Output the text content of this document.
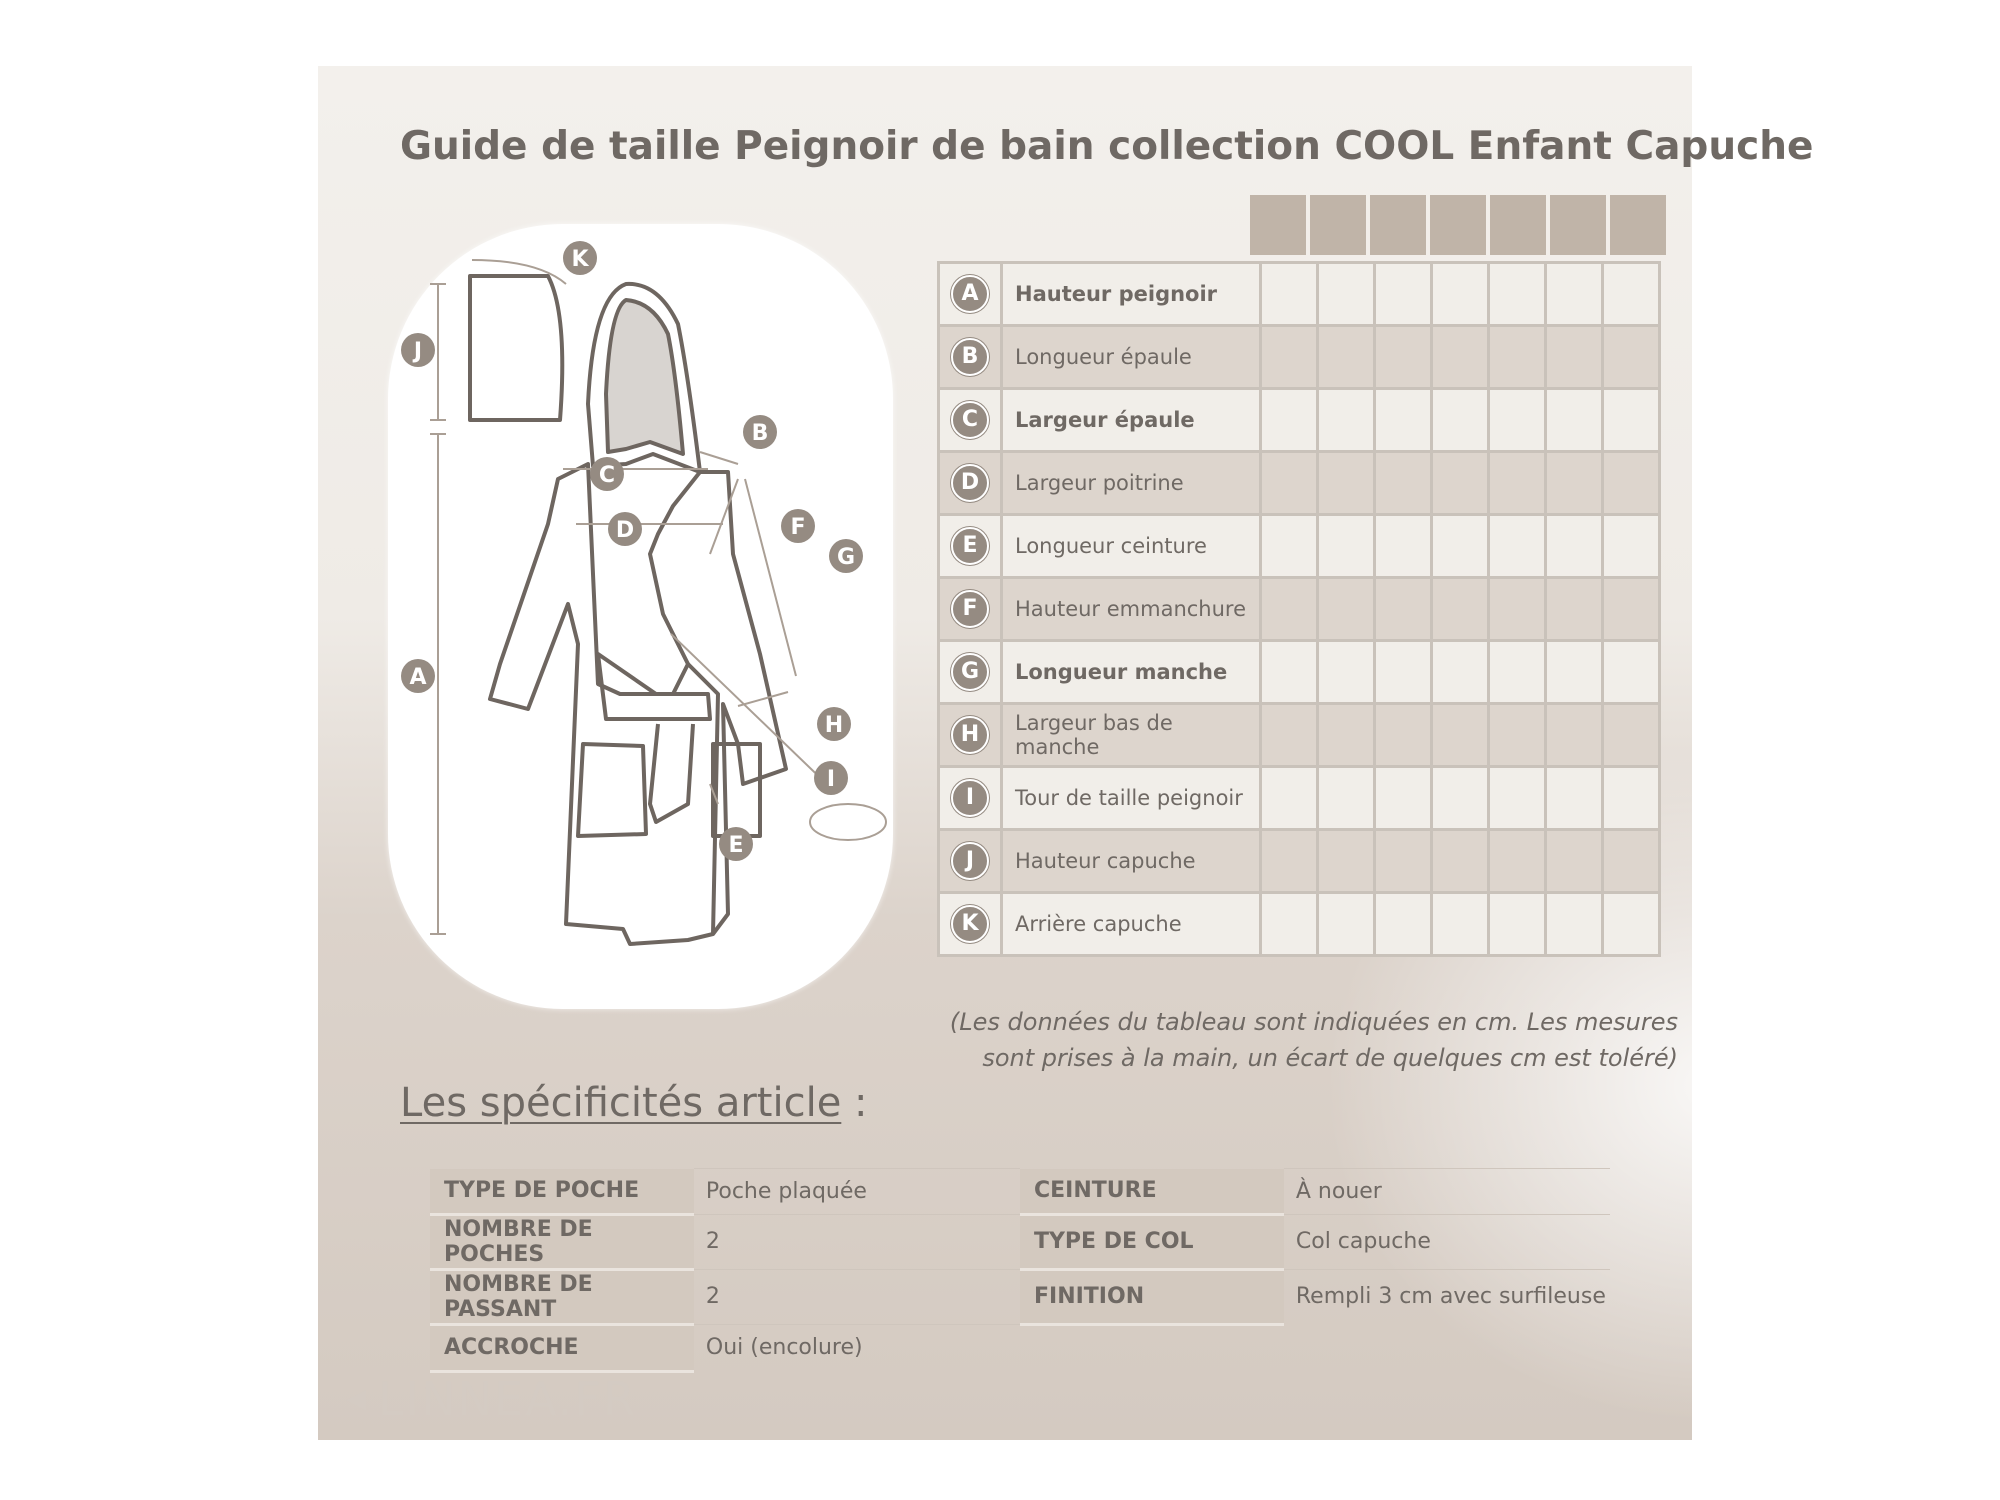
Guide de taille Peignoir de bain collection COOL Enfant Capuche
K
J
B
C
D	F
G
A
H
I
E
A	Hauteur peignoir							
B	Longueur épaule							
C	Largeur épaule							
D	Largeur poitrine							
E	Longueur ceinture							
F	Hauteur emmanchure							
G	Longueur manche							
H	Largeur bas de manche							
I	Tour de taille peignoir							
J	Hauteur capuche							
K	Arrière capuche							
(Les données du tableau sont indiquées en cm. Les mesures
sont prises à la main, un écart de quelques cm est toléré)
Les spécificités article :
TYPE DE POCHE	Poche plaquée	CEINTURE	À nouer
NOMBRE DE POCHES	2	TYPE DE COL	Col capuche
NOMBRE DE PASSANT	2	FINITION	Rempli 3 cm avec surfileuse
ACCROCHE	Oui (encolure)		
◀ LINNEA.FR
